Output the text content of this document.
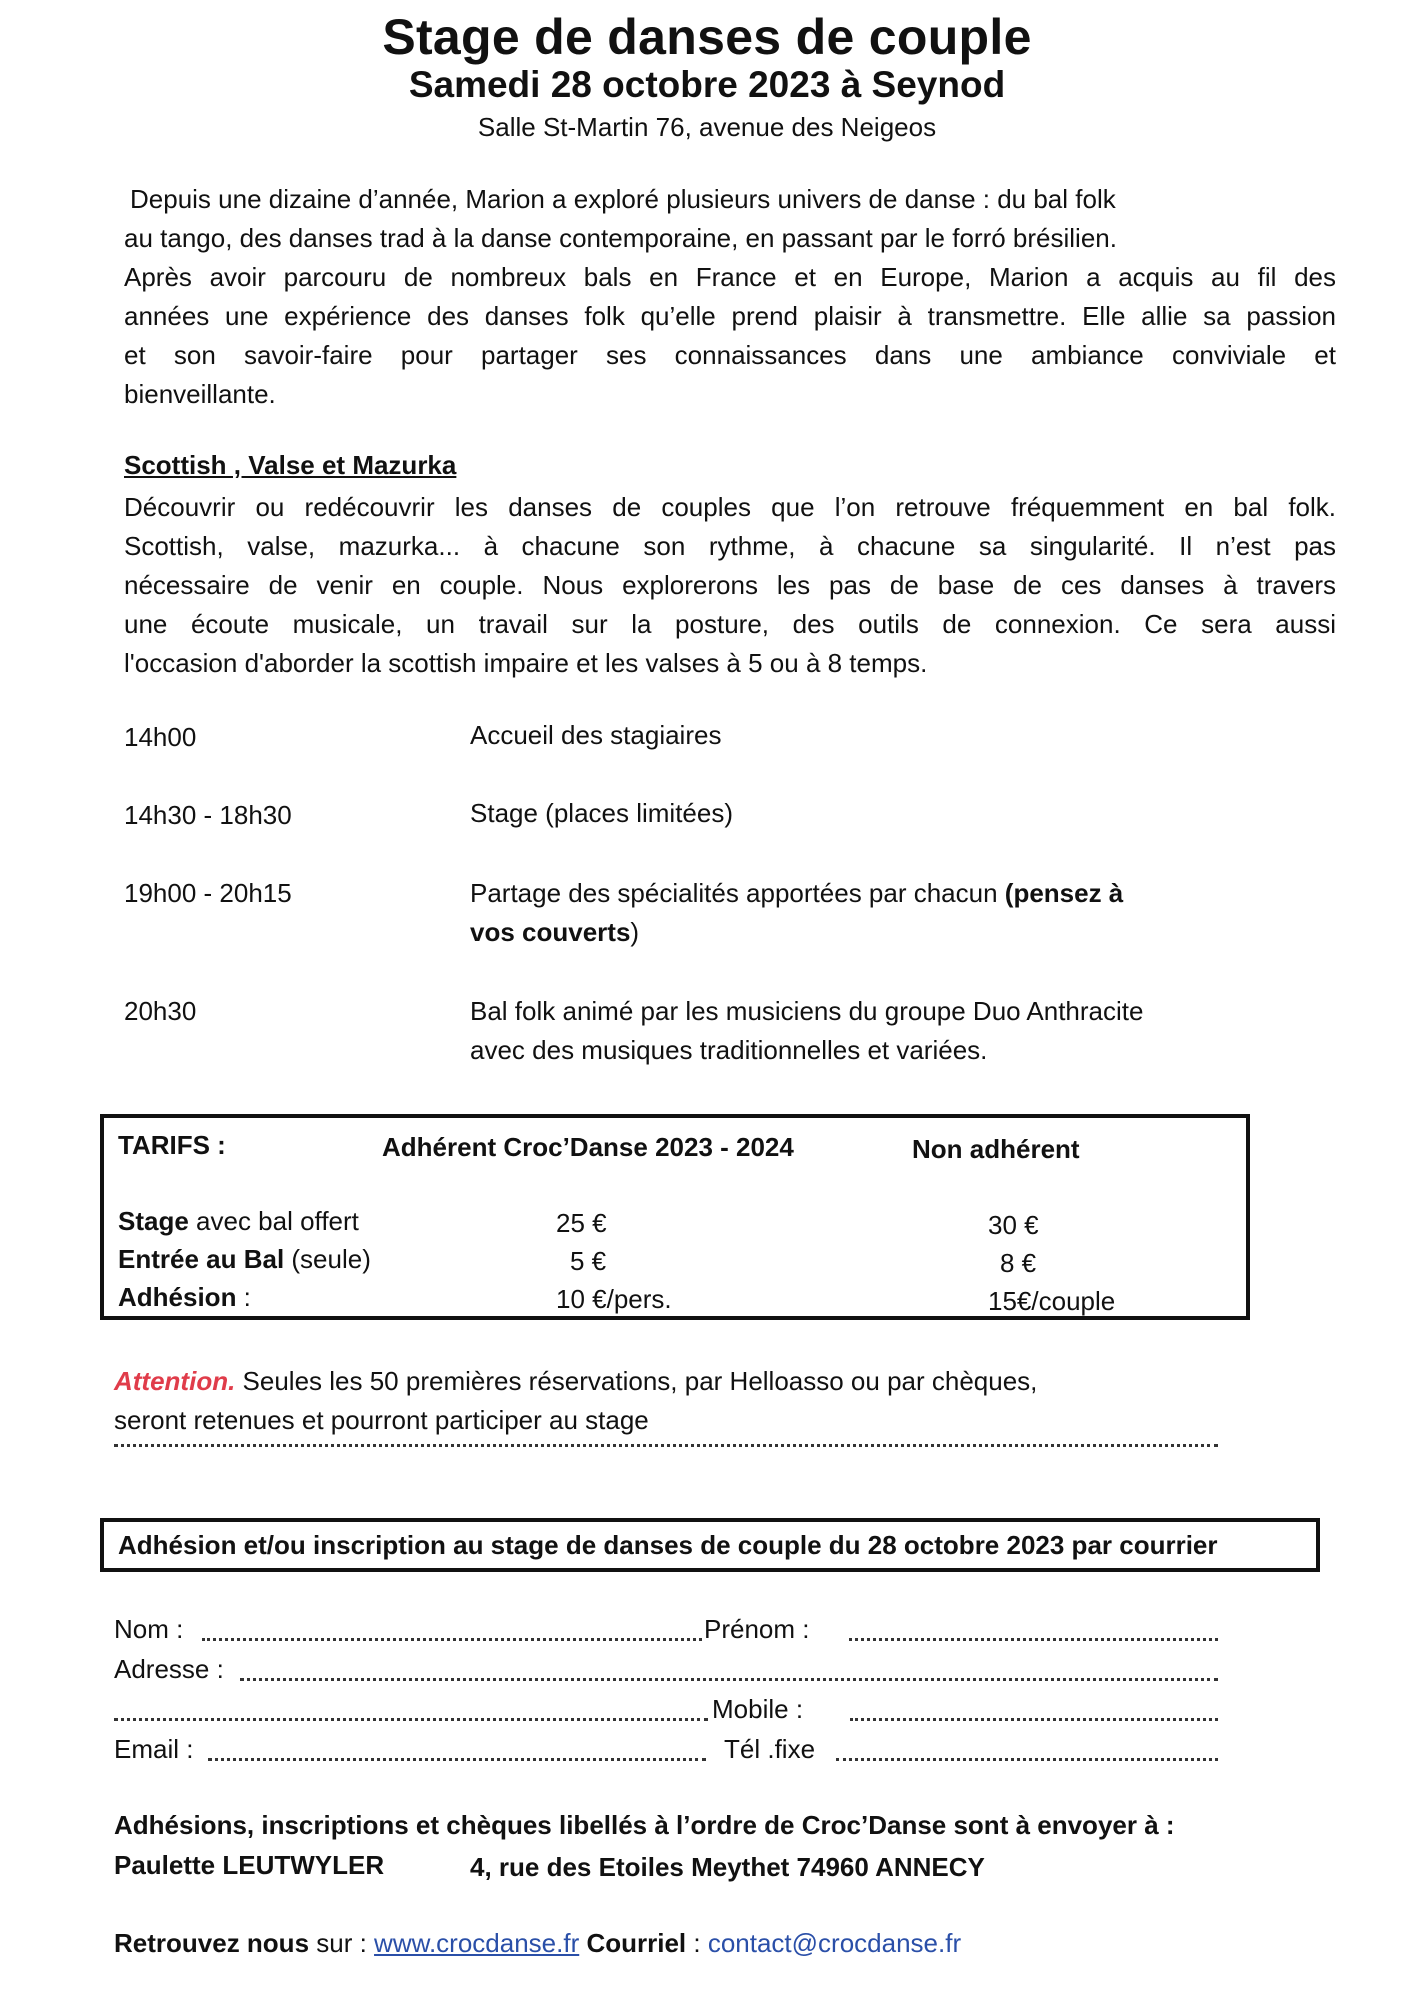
Stage de danses de couple
Samedi 28 octobre 2023 à Seynod
Salle St-Martin 76, avenue des Neigeos
Depuis une dizaine d’année, Marion a exploré plusieurs univers de danse : du bal folk
au tango, des danses trad à la danse contemporaine, en passant par le forró brésilien.
Après avoir parcouru de nombreux bals en France et en Europe, Marion a acquis au fil des
années une expérience des danses folk qu’elle prend plaisir à transmettre. Elle allie sa passion
et son savoir-faire pour partager ses connaissances dans une ambiance conviviale et
bienveillante.
Scottish , Valse et Mazurka
Découvrir ou redécouvrir les danses de couples que l’on retrouve fréquemment en bal folk.
Scottish, valse, mazurka... à chacune son rythme, à chacune sa singularité. Il n’est pas
nécessaire de venir en couple. Nous explorerons les pas de base de ces danses à travers
une écoute musicale, un travail sur la posture, des outils de connexion. Ce sera aussi
l'occasion d'aborder la scottish impaire et les valses à 5 ou à 8 temps.
14h00	Accueil des stagiaires
14h30 - 18h30	Stage (places limitées)
19h00 - 20h15	Partage des spécialités apportées par chacun (pensez à
vos couverts)
20h30	Bal folk animé par les musiciens du groupe Duo Anthracite
avec des musiques traditionnelles et variées.
TARIFS :	Adhérent Croc’Danse 2023 - 2024	Non adhérent
Stage avec bal offert	25 €	30 €
Entrée au Bal (seule)	5 €	8 €
Adhésion :	10 €/pers.	15€/couple
Attention. Seules les 50 premières réservations, par Helloasso ou par chèques,
seront retenues et pourront participer au stage
Adhésion et/ou inscription au stage de danses de couple du 28 octobre 2023 par courrier
Nom :	Prénom :
Adresse :
Mobile :
Email :	Tél .fixe
Adhésions, inscriptions et chèques libellés à l’ordre de Croc’Danse sont à envoyer à :
Paulette LEUTWYLER	4, rue des Etoiles Meythet 74960 ANNECY
Retrouvez nous sur : www.crocdanse.fr Courriel : contact@crocdanse.fr
